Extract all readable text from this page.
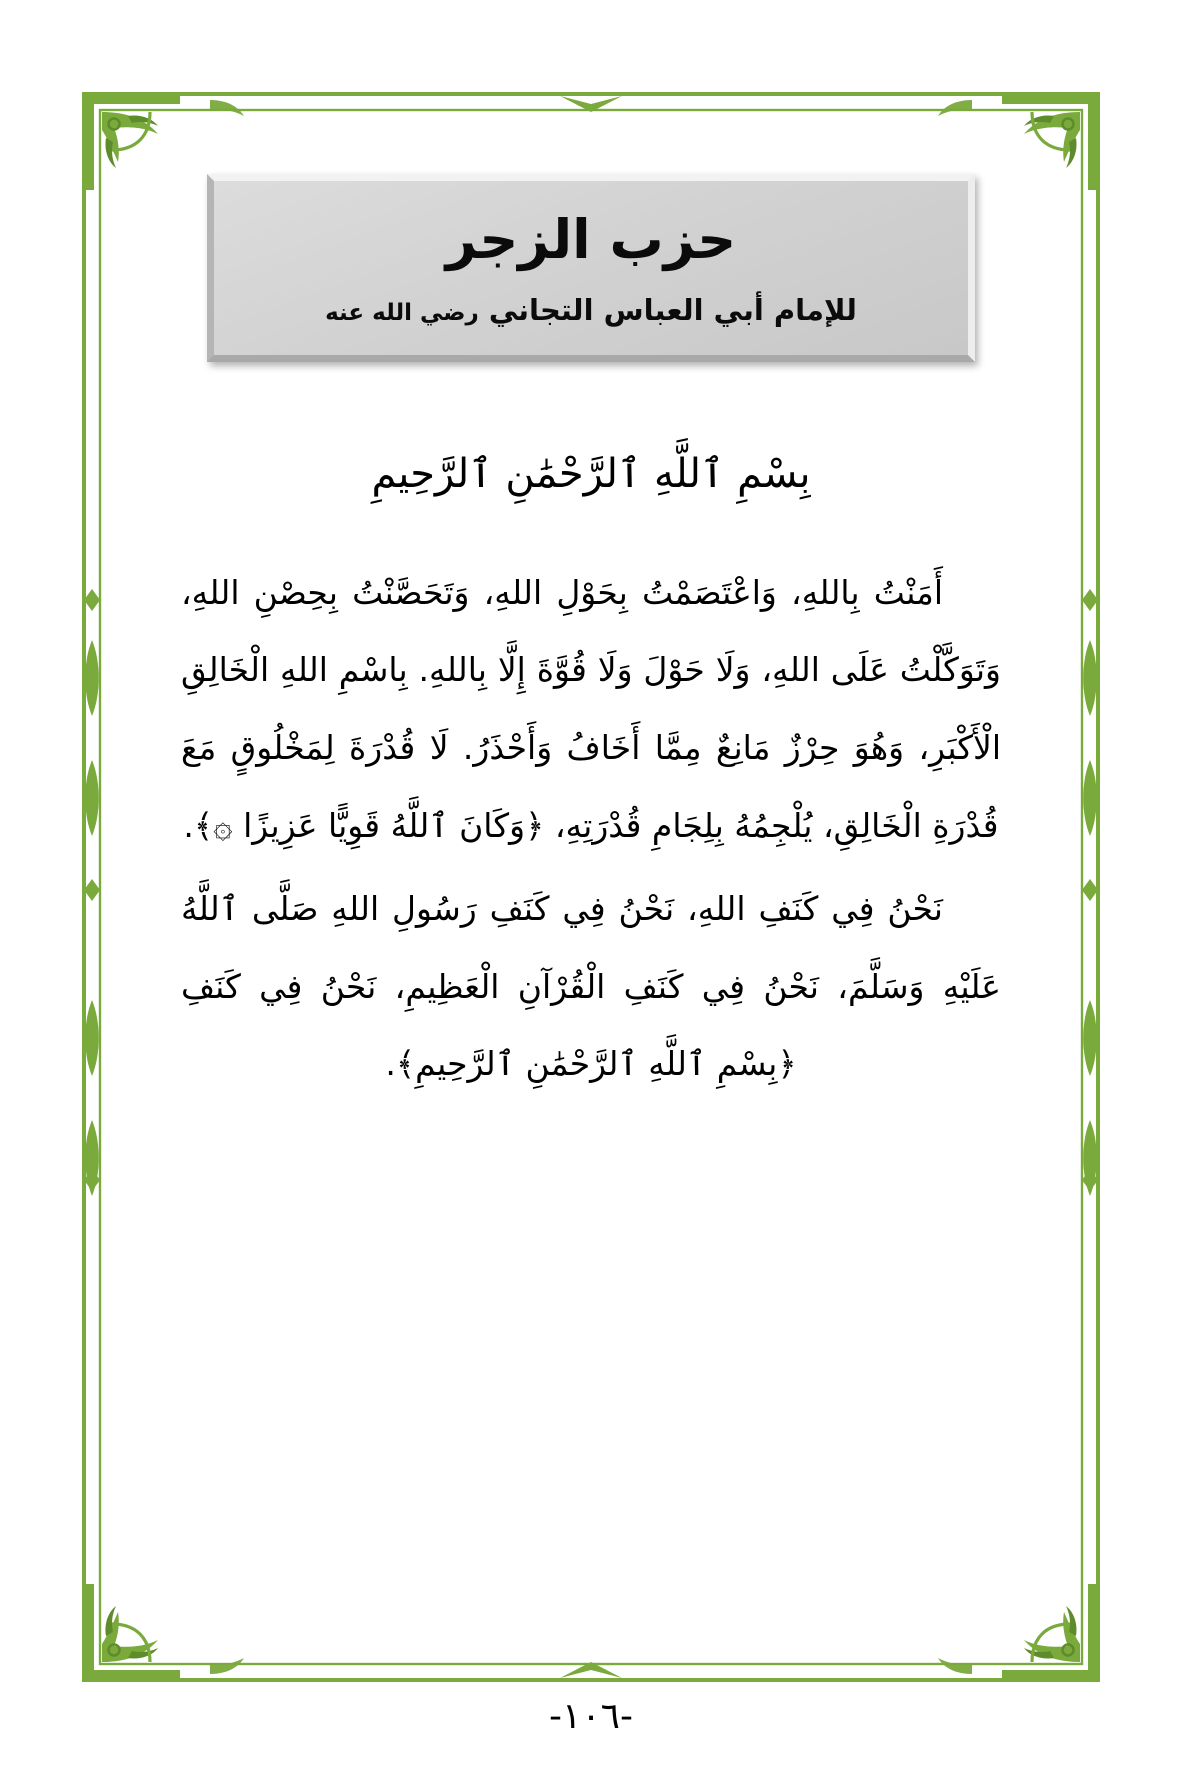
حزب الزجر
للإمام أبي العباس التجاني رضي الله عنه
بِسْمِ ٱللَّهِ ٱلرَّحْمَٰنِ ٱلرَّحِيمِ

أَمَنْتُ بِاللهِ، وَاعْتَصَمْتُ بِحَوْلِ اللهِ، وَتَحَصَّنْتُ بِحِصْنِ اللهِ، وَتَوَكَّلْتُ عَلَى اللهِ، وَلَا حَوْلَ وَلَا قُوَّةَ إِلَّا بِاللهِ. بِاسْمِ اللهِ الْخَالِقِ الْأَكْبَرِ، وَهُوَ حِرْزٌ مَانِعٌ مِمَّا أَخَافُ وَأَحْذَرُ. لَا قُدْرَةَ لِمَخْلُوقٍ مَعَ قُدْرَةِ الْخَالِقِ، يُلْجِمُهُ بِلِجَامِ قُدْرَتِهِ، ﴿وَكَانَ ٱللَّهُ قَوِيًّا عَزِيزًا ۞﴾.

نَحْنُ فِي كَنَفِ اللهِ، نَحْنُ فِي كَنَفِ رَسُولِ اللهِ صَلَّى ٱللَّهُ عَلَيْهِ وَسَلَّمَ، نَحْنُ فِي كَنَفِ الْقُرْآنِ الْعَظِيمِ، نَحْنُ فِي كَنَفِ ﴿بِسْمِ ٱللَّهِ ٱلرَّحْمَٰنِ ٱلرَّحِيمِ﴾.

-١٠٦-
